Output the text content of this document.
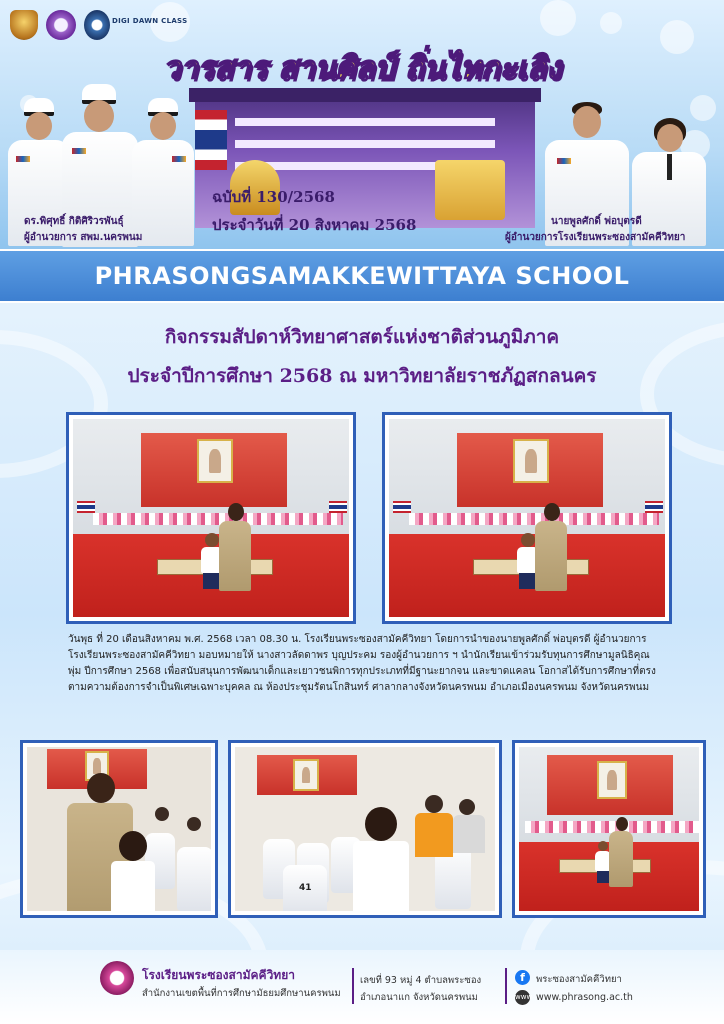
DIGI DAWN CLASS
วารสาร สานศิลป์ ถิ่นไทกะเลิง
ฉบับที่ 130/2568
ประจำวันที่ 20 สิงหาคม 2568
ดร.พิศุทธิ์ กิติศิริวรพันธุ์
ผู้อำนวยการ สพม.นครพนม
นายพูลศักดิ์ พ่อบุตรดี
ผู้อำนวยการโรงเรียนพระซองสามัคคีวิทยา
PHRASONGSAMAKKEWITTAYA SCHOOL
กิจกรรมสัปดาห์วิทยาศาสตร์แห่งชาติส่วนภูมิภาค
ประจำปีการศึกษา 2568 ณ มหาวิทยาลัยราชภัฏสกลนคร
วันพุธ ที่ 20 เดือนสิงหาคม พ.ศ. 2568 เวลา 08.30 น. โรงเรียนพระซองสามัคคีวิทยา โดยการนำของนายพูลศักดิ์ พ่อบุตรดี ผู้อำนวยการโรงเรียนพระซองสามัคคีวิทยา มอบหมายให้ นางสาวลัดดาพร บุญประคม รองผู้อำนวยการ ฯ นำนักเรียนเข้าร่วมรับทุนการศึกษามูลนิธิคุณพุ่ม ปีการศึกษา 2568 เพื่อสนับสนุนการพัฒนาเด็กและเยาวชนพิการทุกประเภทที่มีฐานะยากจน และขาดแคลน โอกาสได้รับการศึกษาที่ตรงตามความต้องการจำเป็นพิเศษเฉพาะบุคคล ณ ห้องประชุมรัตนโกสินทร์ ศาลากลางจังหวัดนครพนม อำเภอเมืองนครพนม จังหวัดนครพนม
41
โรงเรียนพระซองสามัคคีวิทยา
สำนักงานเขตพื้นที่การศึกษามัธยมศึกษานครพนม
เลขที่ 93 หมู่ 4 ตำบลพระซอง
อำเภอนาแก จังหวัดนครพนม
f
www
พระซองสามัคคีวิทยา
www.phrasong.ac.th
